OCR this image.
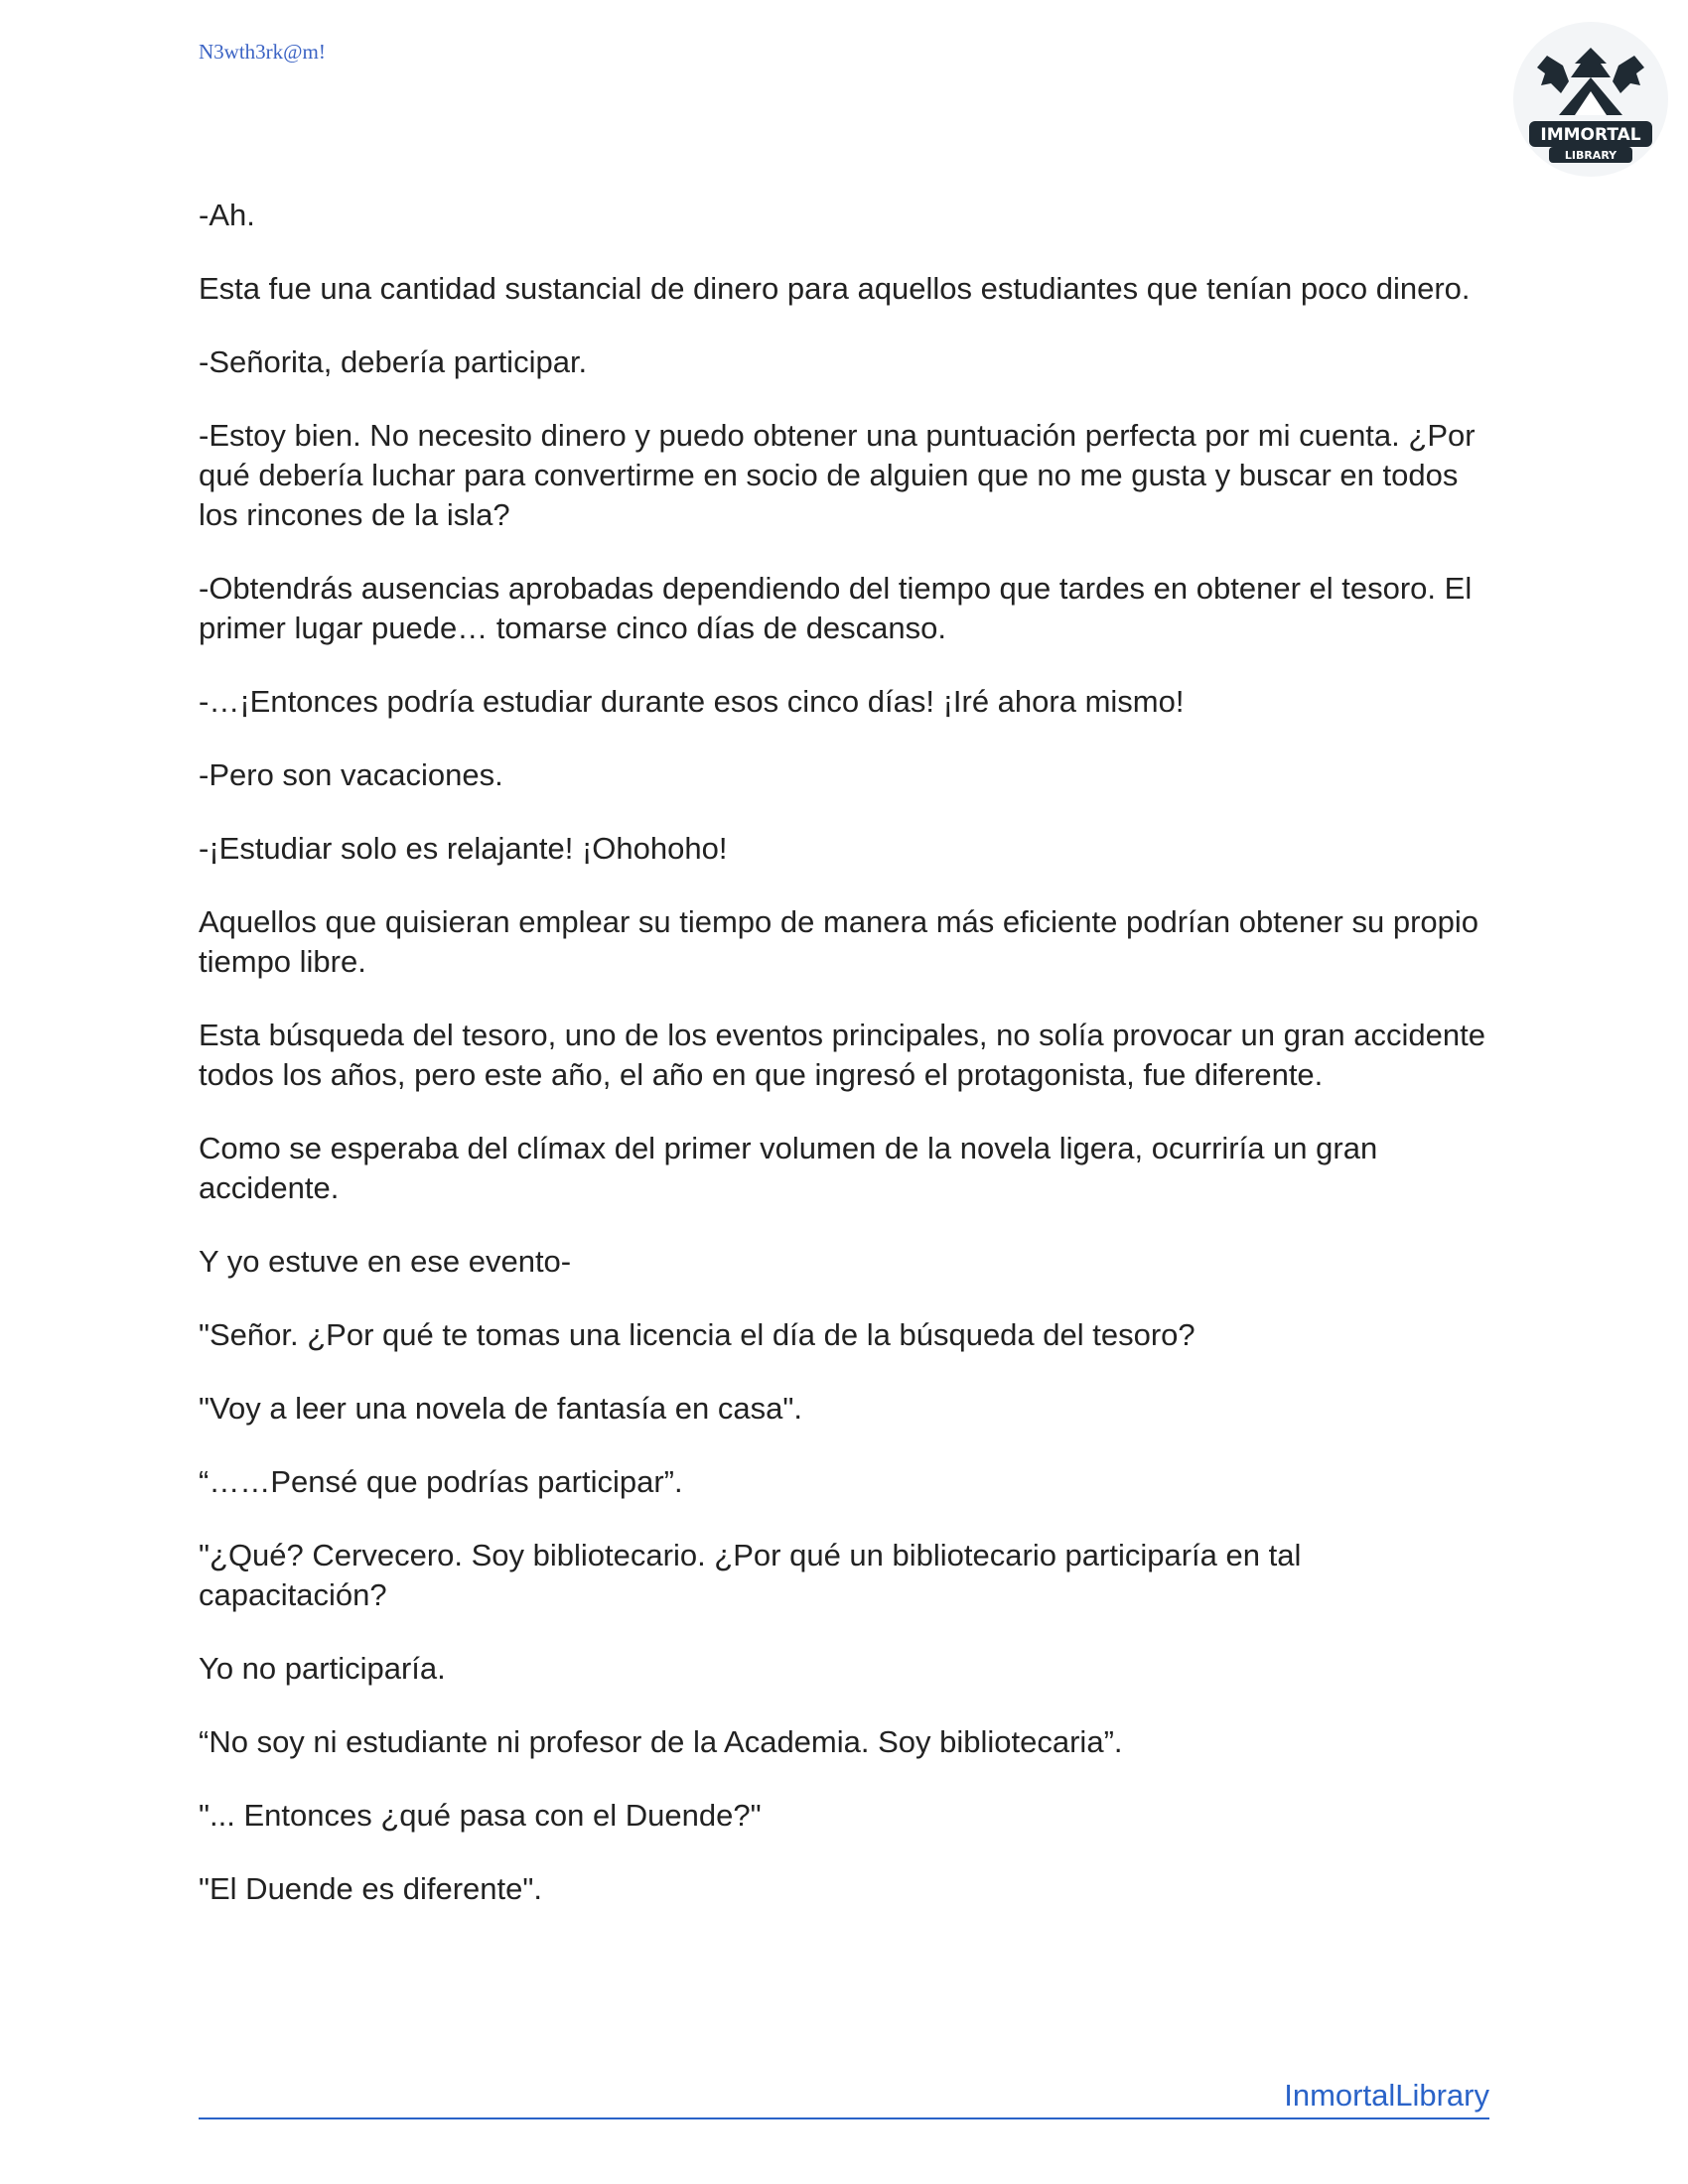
N3wth3rk@m!
IMMORTAL
LIBRARY

-Ah.

Esta fue una cantidad sustancial de dinero para aquellos estudiantes que tenían poco dinero.

-Señorita, debería participar.

-Estoy bien. No necesito dinero y puedo obtener una puntuación perfecta por mi cuenta. ¿Por qué debería luchar para convertirme en socio de alguien que no me gusta y buscar en todos los rincones de la isla?

-Obtendrás ausencias aprobadas dependiendo del tiempo que tardes en obtener el tesoro. El primer lugar puede… tomarse cinco días de descanso.

-…¡Entonces podría estudiar durante esos cinco días! ¡Iré ahora mismo!

-Pero son vacaciones.

-¡Estudiar solo es relajante! ¡Ohohoho!

Aquellos que quisieran emplear su tiempo de manera más eficiente podrían obtener su propio tiempo libre.

Esta búsqueda del tesoro, uno de los eventos principales, no solía provocar un gran accidente todos los años, pero este año, el año en que ingresó el protagonista, fue diferente.

Como se esperaba del clímax del primer volumen de la novela ligera, ocurriría un gran accidente.

Y yo estuve en ese evento-

"Señor. ¿Por qué te tomas una licencia el día de la búsqueda del tesoro?

"Voy a leer una novela de fantasía en casa".

“……Pensé que podrías participar”.

"¿Qué? Cervecero. Soy bibliotecario. ¿Por qué un bibliotecario participaría en tal capacitación?

Yo no participaría.

“No soy ni estudiante ni profesor de la Academia. Soy bibliotecaria”.

"... Entonces ¿qué pasa con el Duende?"

"El Duende es diferente".

InmortalLibrary
